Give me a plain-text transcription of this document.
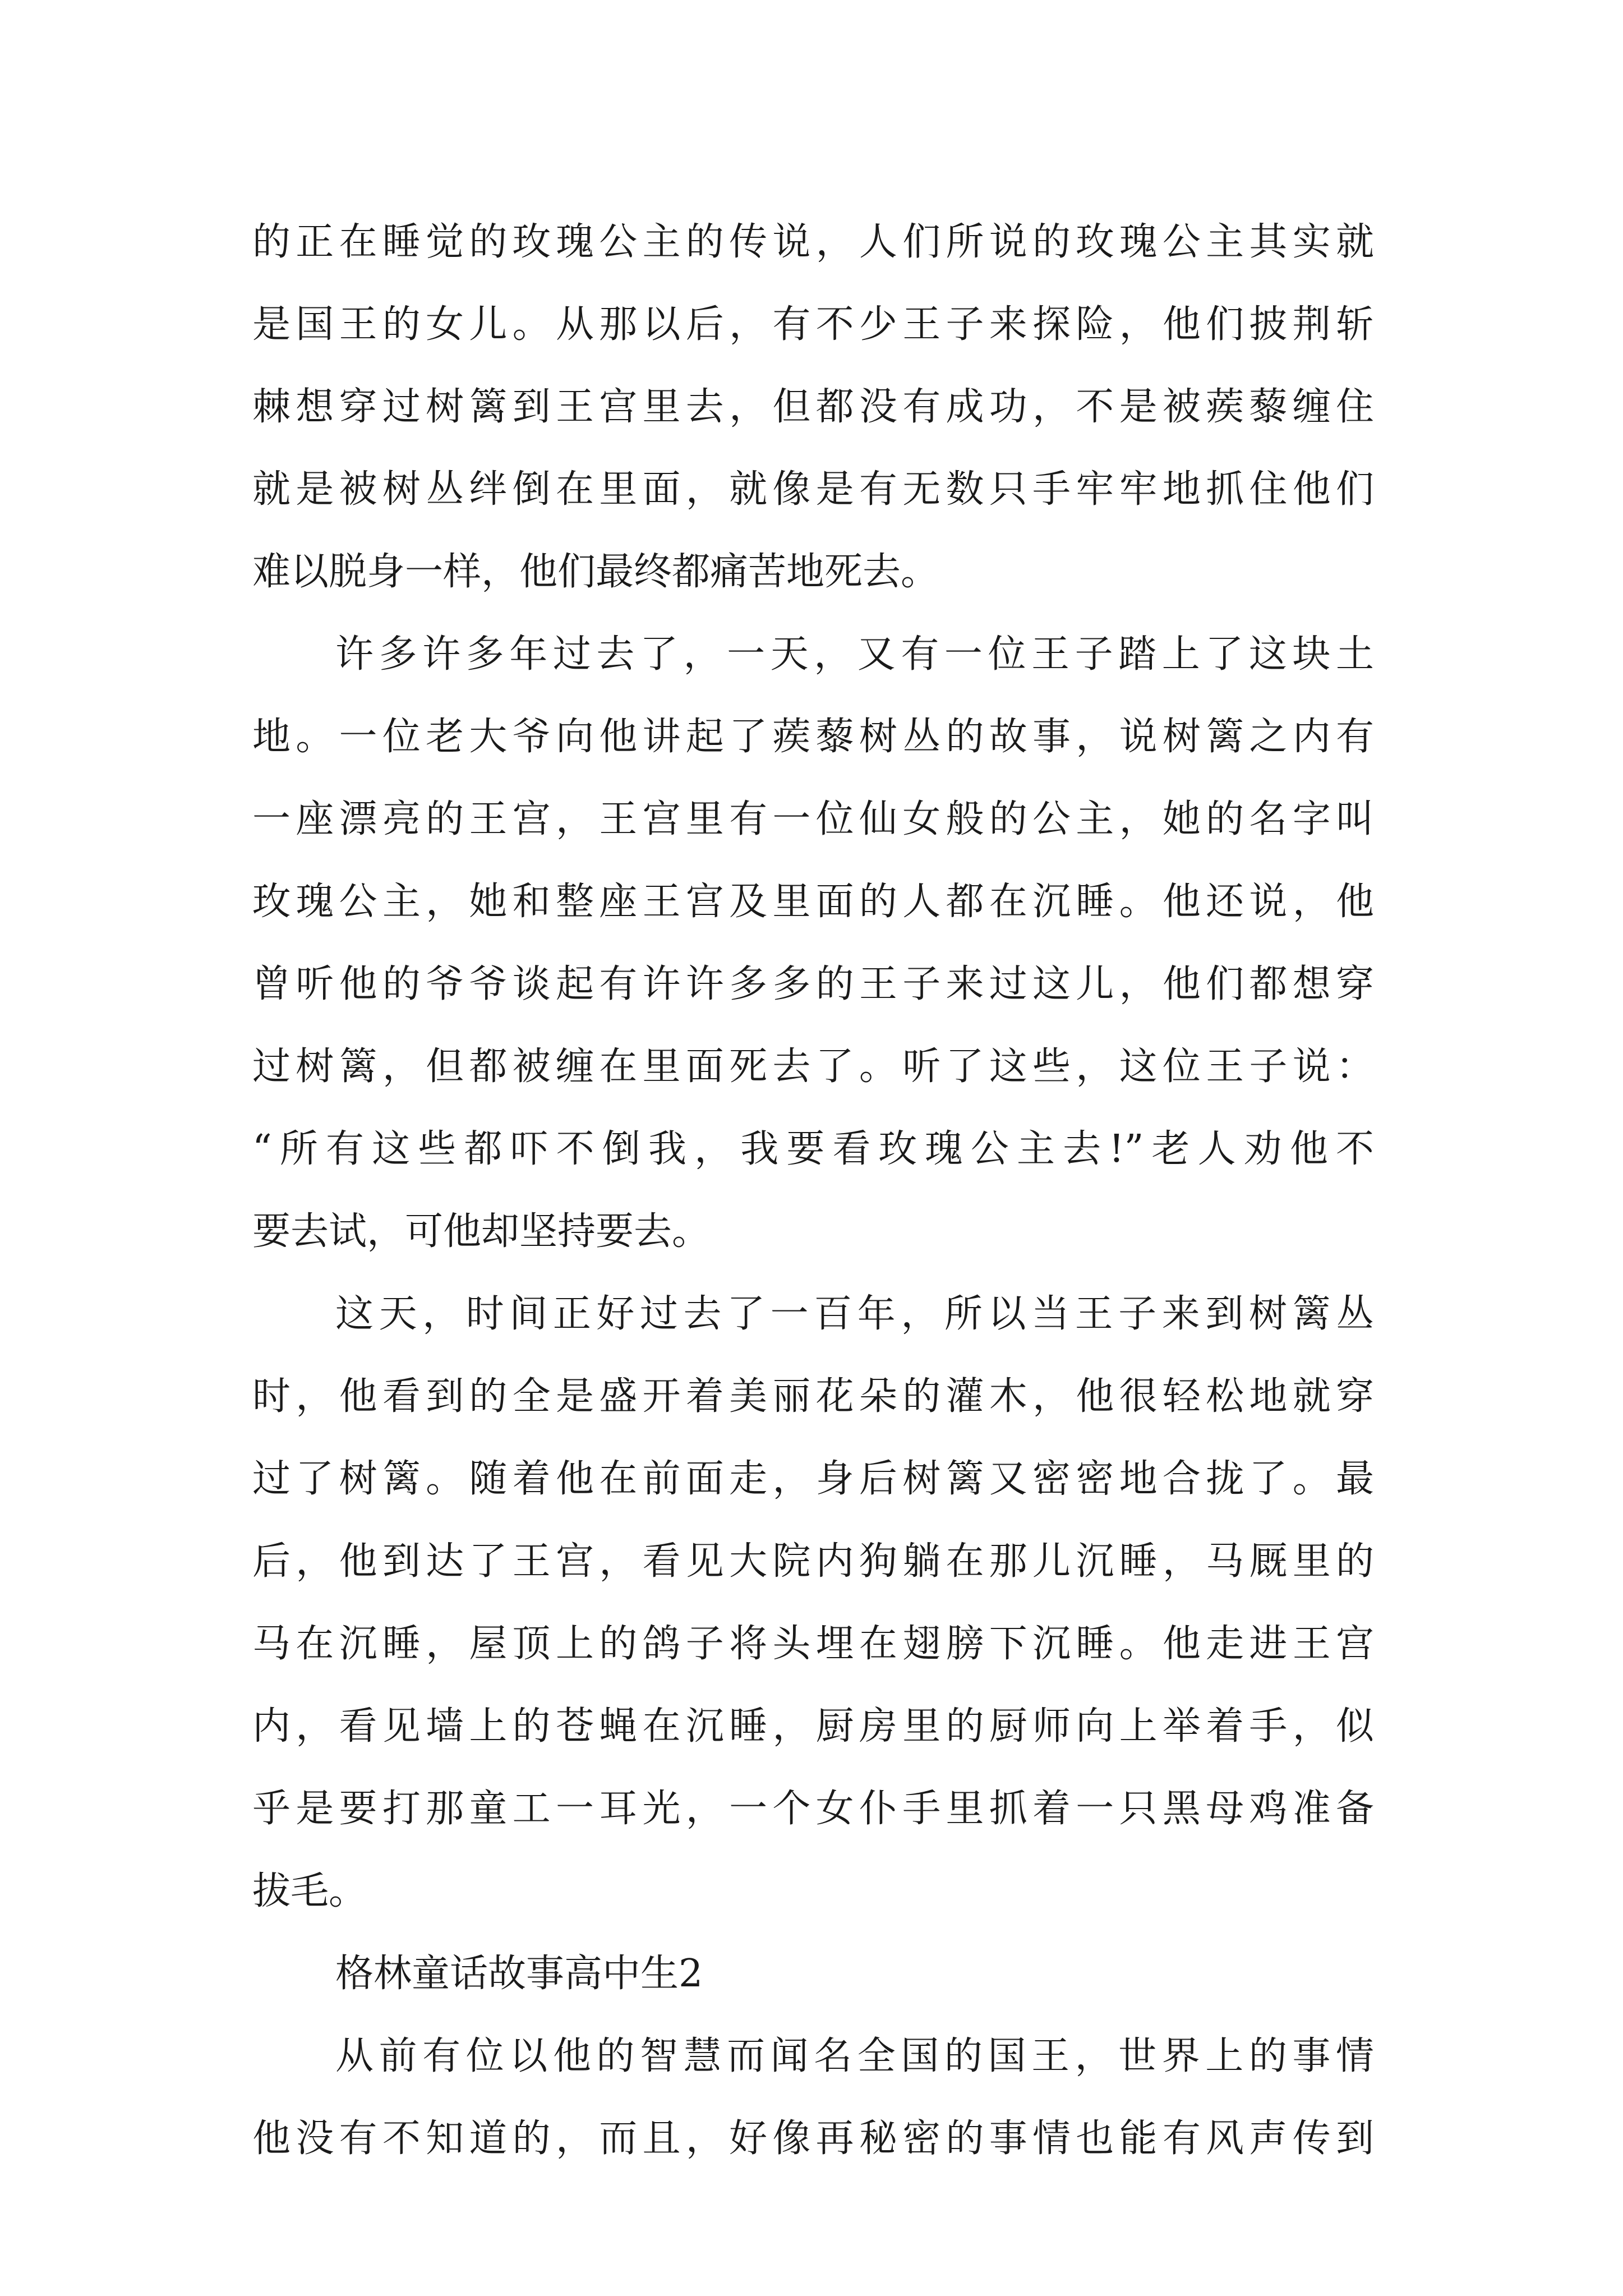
的正在睡觉的玫瑰公主的传说，人们所说的玫瑰公主其实就
是国王的女儿。从那以后，有不少王子来探险，他们披荆斩
棘想穿过树篱到王宫里去，但都没有成功，不是被蒺藜缠住
就是被树丛绊倒在里面，就像是有无数只手牢牢地抓住他们
难以脱身一样，他们最终都痛苦地死去。
许多许多年过去了，一天，又有一位王子踏上了这块土
地。一位老大爷向他讲起了蒺藜树丛的故事，说树篱之内有
一座漂亮的王宫，王宫里有一位仙女般的公主，她的名字叫
玫瑰公主，她和整座王宫及里面的人都在沉睡。他还说，他
曾听他的爷爷谈起有许许多多的王子来过这儿，他们都想穿
过树篱，但都被缠在里面死去了。听了这些，这位王子说：
“所有这些都吓不倒我，我要看玫瑰公主去!”老人劝他不
要去试，可他却坚持要去。
这天，时间正好过去了一百年，所以当王子来到树篱丛
时，他看到的全是盛开着美丽花朵的灌木，他很轻松地就穿
过了树篱。随着他在前面走，身后树篱又密密地合拢了。最
后，他到达了王宫，看见大院内狗躺在那儿沉睡，马厩里的
马在沉睡，屋顶上的鸽子将头埋在翅膀下沉睡。他走进王宫
内，看见墙上的苍蝇在沉睡，厨房里的厨师向上举着手，似
乎是要打那童工一耳光，一个女仆手里抓着一只黑母鸡准备
拔毛。
格林童话故事高中生2
从前有位以他的智慧而闻名全国的国王，世界上的事情
他没有不知道的，而且，好像再秘密的事情也能有风声传到
